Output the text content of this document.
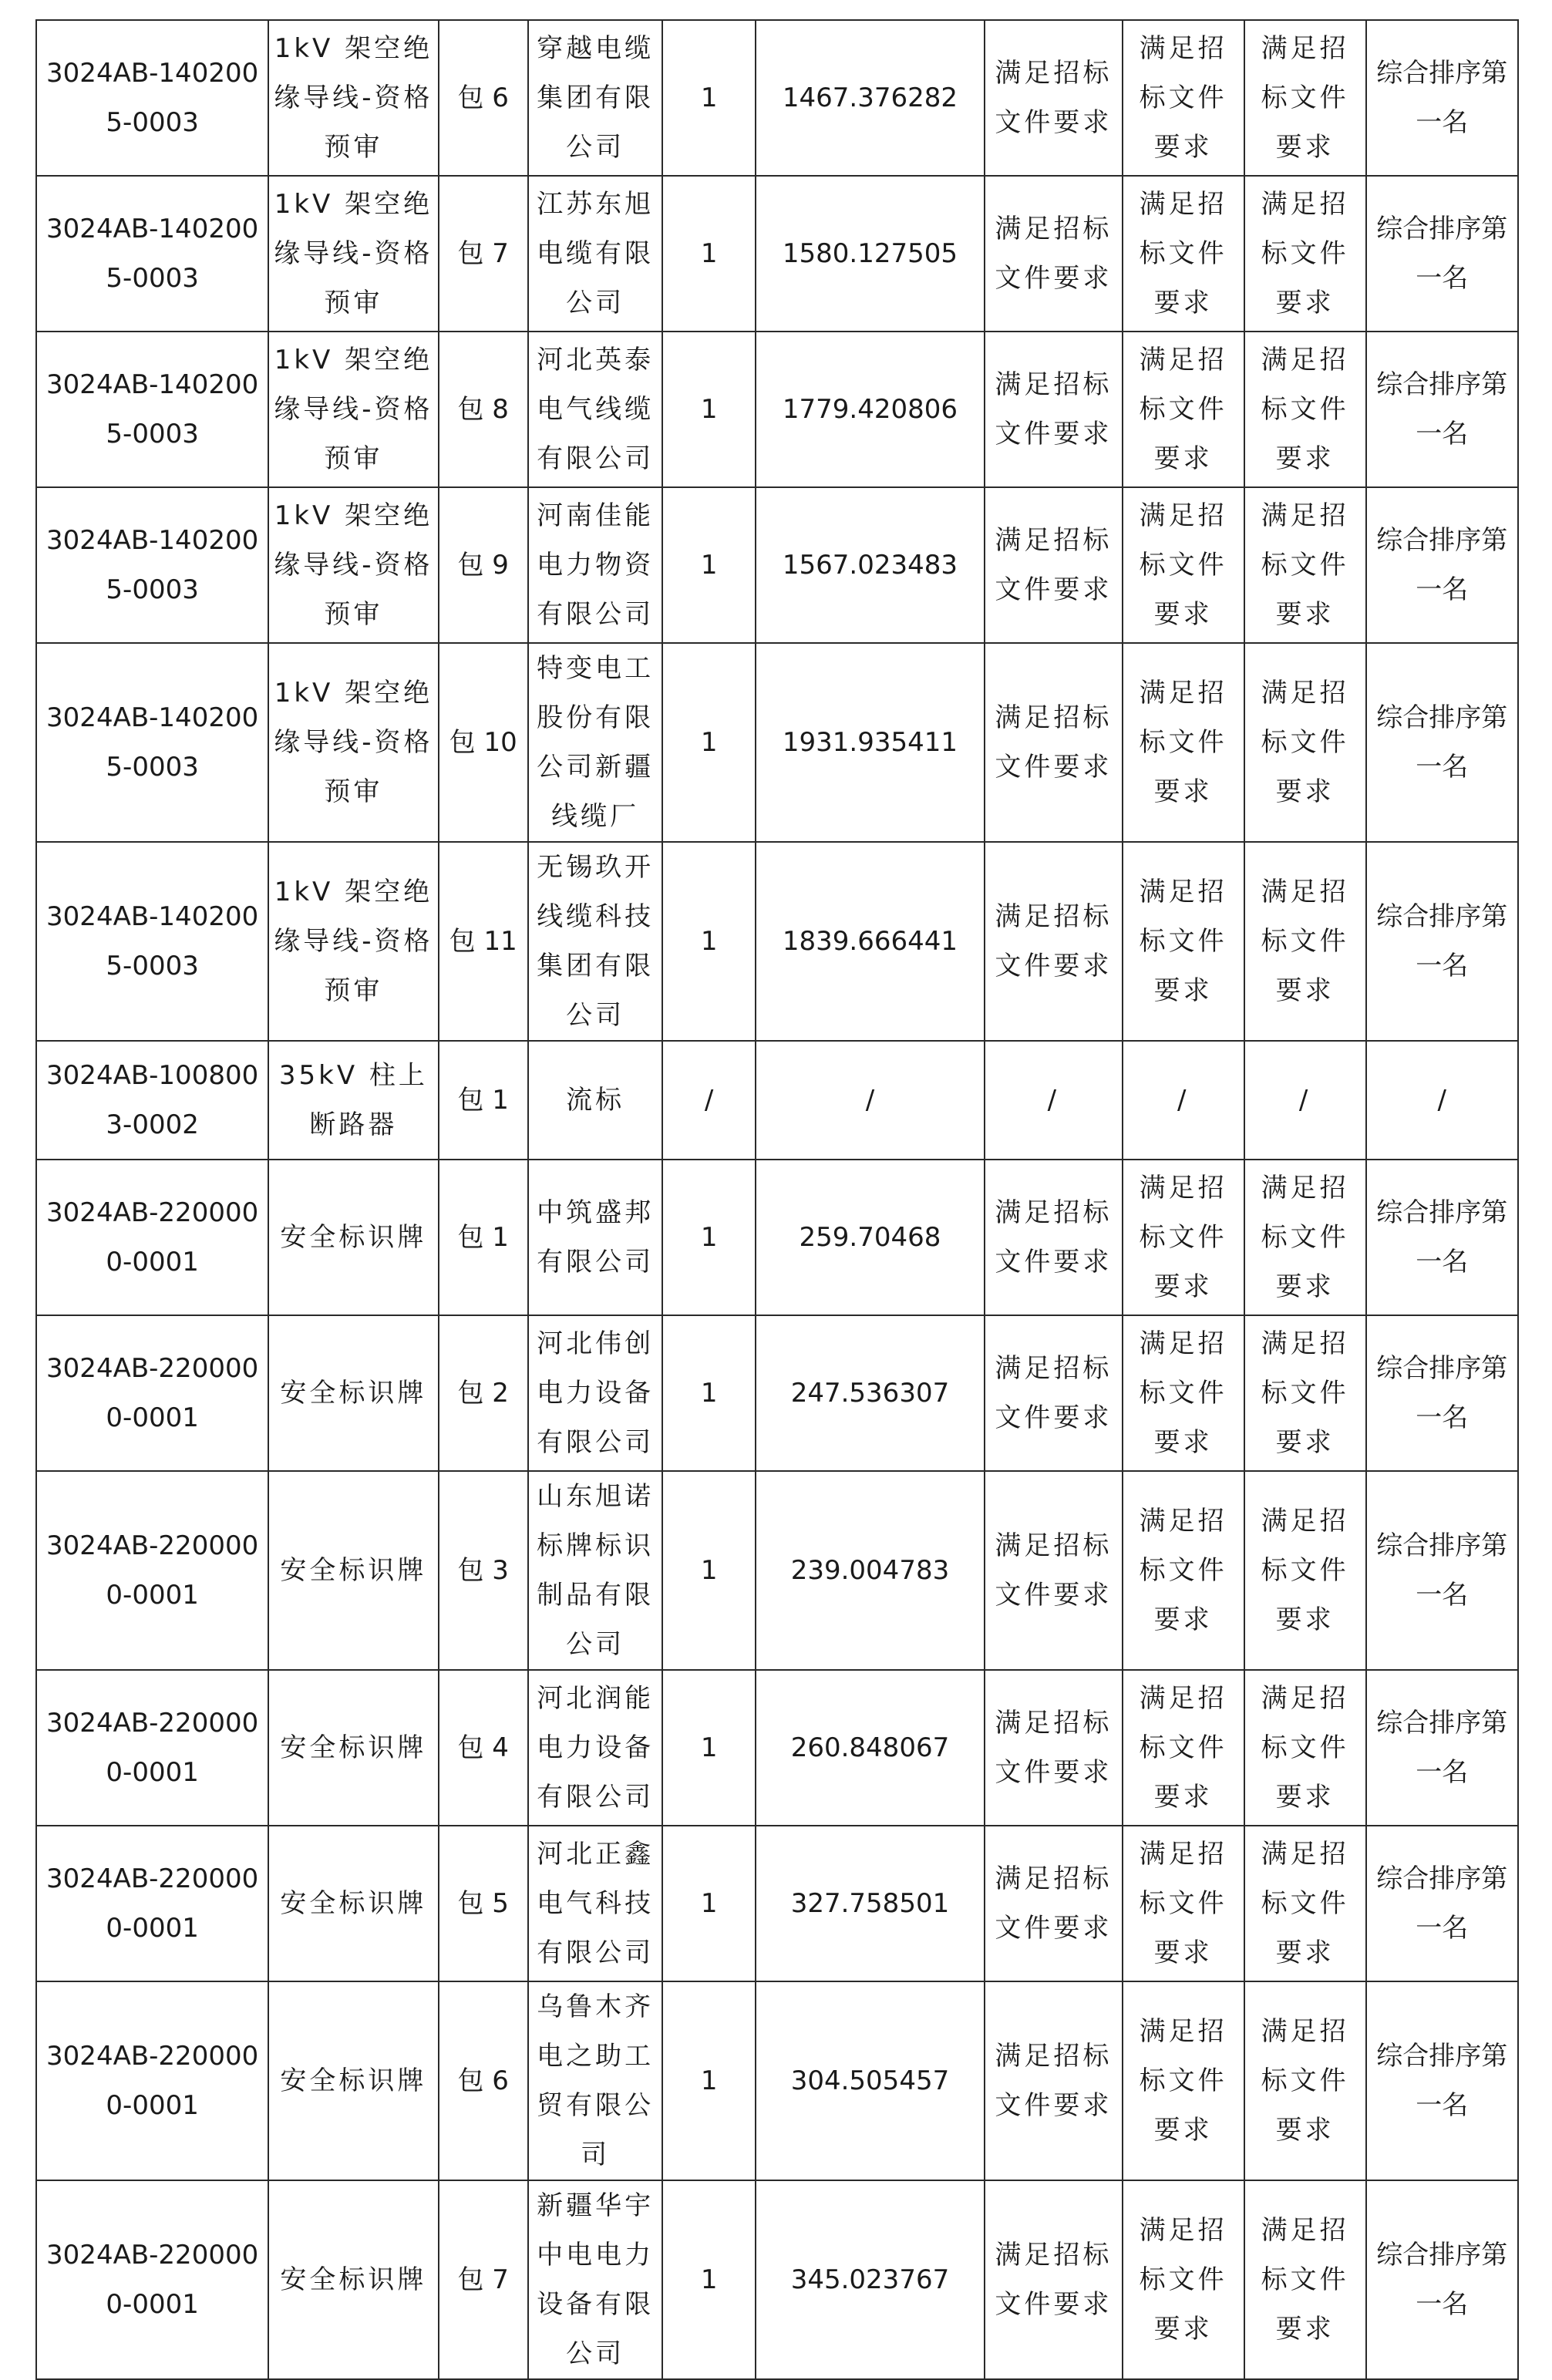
3024AB-1402005-0003	1kV 架空绝缘导线-资格预审	包 6	穿越电缆集团有限公司	1	1467.376282	满足招标文件要求	满足招标文件要求	满足招标文件要求	综合排序第一名
3024AB-1402005-0003	1kV 架空绝缘导线-资格预审	包 7	江苏东旭电缆有限公司	1	1580.127505	满足招标文件要求	满足招标文件要求	满足招标文件要求	综合排序第一名
3024AB-1402005-0003	1kV 架空绝缘导线-资格预审	包 8	河北英泰电气线缆有限公司	1	1779.420806	满足招标文件要求	满足招标文件要求	满足招标文件要求	综合排序第一名
3024AB-1402005-0003	1kV 架空绝缘导线-资格预审	包 9	河南佳能电力物资有限公司	1	1567.023483	满足招标文件要求	满足招标文件要求	满足招标文件要求	综合排序第一名
3024AB-1402005-0003	1kV 架空绝缘导线-资格预审	包 10	特变电工股份有限公司新疆线缆厂	1	1931.935411	满足招标文件要求	满足招标文件要求	满足招标文件要求	综合排序第一名
3024AB-1402005-0003	1kV 架空绝缘导线-资格预审	包 11	无锡玖开线缆科技集团有限公司	1	1839.666441	满足招标文件要求	满足招标文件要求	满足招标文件要求	综合排序第一名
3024AB-1008003-0002	35kV 柱上断路器	包 1	流标	/	/	/	/	/	/
3024AB-2200000-0001	安全标识牌	包 1	中筑盛邦有限公司	1	259.70468	满足招标文件要求	满足招标文件要求	满足招标文件要求	综合排序第一名
3024AB-2200000-0001	安全标识牌	包 2	河北伟创电力设备有限公司	1	247.536307	满足招标文件要求	满足招标文件要求	满足招标文件要求	综合排序第一名
3024AB-2200000-0001	安全标识牌	包 3	山东旭诺标牌标识制品有限公司	1	239.004783	满足招标文件要求	满足招标文件要求	满足招标文件要求	综合排序第一名
3024AB-2200000-0001	安全标识牌	包 4	河北润能电力设备有限公司	1	260.848067	满足招标文件要求	满足招标文件要求	满足招标文件要求	综合排序第一名
3024AB-2200000-0001	安全标识牌	包 5	河北正鑫电气科技有限公司	1	327.758501	满足招标文件要求	满足招标文件要求	满足招标文件要求	综合排序第一名
3024AB-2200000-0001	安全标识牌	包 6	乌鲁木齐电之助工贸有限公司	1	304.505457	满足招标文件要求	满足招标文件要求	满足招标文件要求	综合排序第一名
3024AB-2200000-0001	安全标识牌	包 7	新疆华宇中电电力设备有限公司	1	345.023767	满足招标文件要求	满足招标文件要求	满足招标文件要求	综合排序第一名
